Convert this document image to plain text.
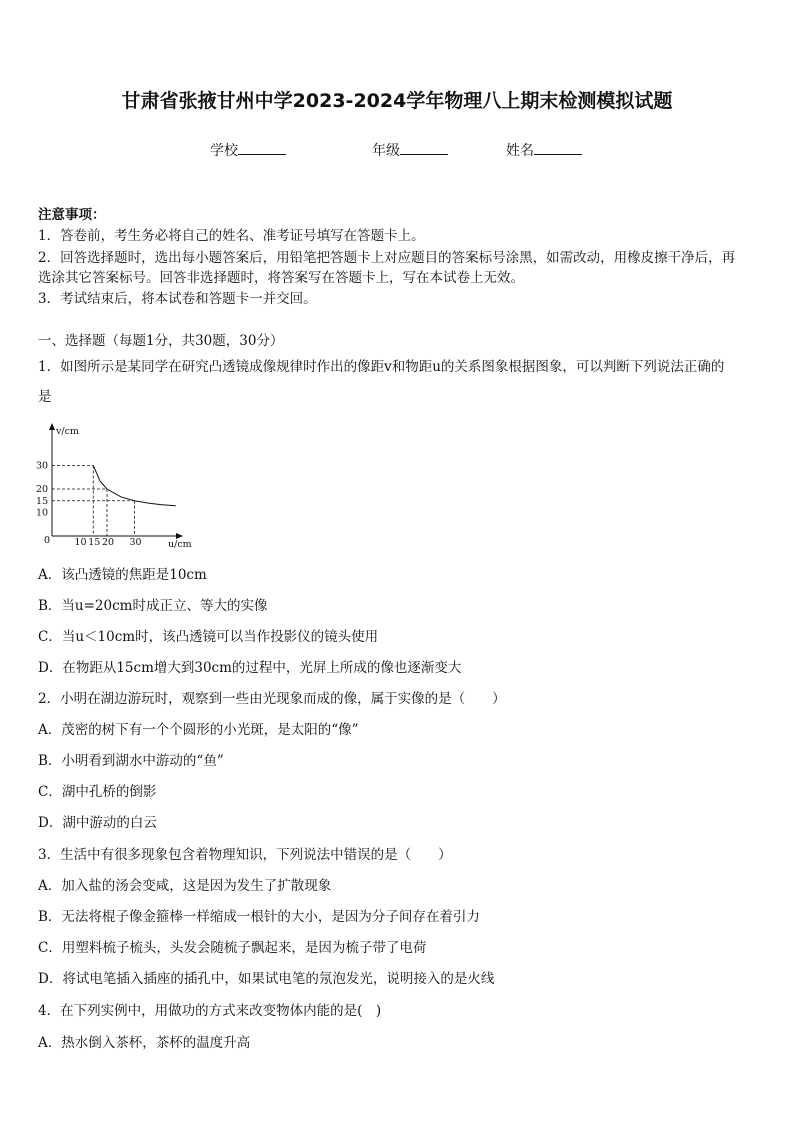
甘肃省张掖甘州中学2023-2024学年物理八上期末检测模拟试题
学校	年级	姓名
注意事项：
1．答卷前，考生务必将自己的姓名、准考证号填写在答题卡上。
2．回答选择题时，选出每小题答案后，用铅笔把答题卡上对应题目的答案标号涂黑，如需改动，用橡皮擦干净后，再
选涂其它答案标号。回答非选择题时，将答案写在答题卡上，写在本试卷上无效。
3．考试结束后，将本试卷和答题卡一并交回。
一、选择题（每题1分，共30题，30分）
1．如图所示是某同学在研究凸透镜成像规律时作出的像距v和物距u的关系图象根据图象，可以判断下列说法正确的
是
v/cm
u/cm
0	10 15 20 30
30
20
15
10
A．该凸透镜的焦距是10cm
B．当u=20cm时成正立、等大的实像
C．当u＜10cm时，该凸透镜可以当作投影仪的镜头使用
D．在物距从15cm增大到30cm的过程中，光屏上所成的像也逐渐变大
2．小明在湖边游玩时，观察到一些由光现象而成的像，属于实像的是（　　）
A．茂密的树下有一个个圆形的小光斑，是太阳的“像”
B．小明看到湖水中游动的“鱼”
C．湖中孔桥的倒影
D．湖中游动的白云
3．生活中有很多现象包含着物理知识，下列说法中错误的是（　　）
A．加入盐的汤会变咸，这是因为发生了扩散现象
B．无法将棍子像金箍棒一样缩成一根针的大小，是因为分子间存在着引力
C．用塑料梳子梳头，头发会随梳子飘起来，是因为梳子带了电荷
D．将试电笔插入插座的插孔中，如果试电笔的氖泡发光，说明接入的是火线
4．在下列实例中，用做功的方式来改变物体内能的是(　)
A．热水倒入茶杯，茶杯的温度升高
